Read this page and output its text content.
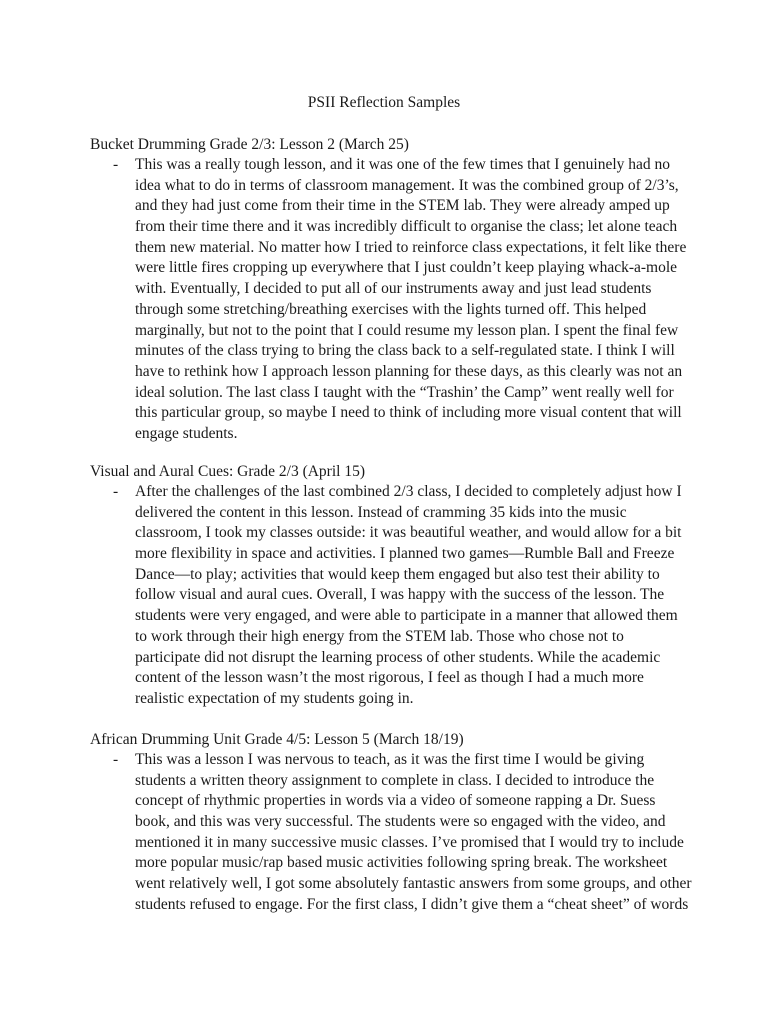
PSII Reflection Samples

Bucket Drumming Grade 2/3: Lesson 2 (March 25)

- This was a really tough lesson, and it was one of the few times that I genuinely had no
idea what to do in terms of classroom management. It was the combined group of 2/3’s,
and they had just come from their time in the STEM lab. They were already amped up
from their time there and it was incredibly difficult to organise the class; let alone teach
them new material. No matter how I tried to reinforce class expectations, it felt like there
were little fires cropping up everywhere that I just couldn’t keep playing whack-a-mole
with. Eventually, I decided to put all of our instruments away and just lead students
through some stretching/breathing exercises with the lights turned off. This helped
marginally, but not to the point that I could resume my lesson plan. I spent the final few
minutes of the class trying to bring the class back to a self-regulated state. I think I will
have to rethink how I approach lesson planning for these days, as this clearly was not an
ideal solution. The last class I taught with the “Trashin’ the Camp” went really well for
this particular group, so maybe I need to think of including more visual content that will
engage students.

Visual and Aural Cues: Grade 2/3 (April 15)

- After the challenges of the last combined 2/3 class, I decided to completely adjust how I
delivered the content in this lesson. Instead of cramming 35 kids into the music
classroom, I took my classes outside: it was beautiful weather, and would allow for a bit
more flexibility in space and activities. I planned two games—Rumble Ball and Freeze
Dance—to play; activities that would keep them engaged but also test their ability to
follow visual and aural cues. Overall, I was happy with the success of the lesson. The
students were very engaged, and were able to participate in a manner that allowed them
to work through their high energy from the STEM lab. Those who chose not to
participate did not disrupt the learning process of other students. While the academic
content of the lesson wasn’t the most rigorous, I feel as though I had a much more
realistic expectation of my students going in.

African Drumming Unit Grade 4/5: Lesson 5 (March 18/19)

- This was a lesson I was nervous to teach, as it was the first time I would be giving
students a written theory assignment to complete in class. I decided to introduce the
concept of rhythmic properties in words via a video of someone rapping a Dr. Suess
book, and this was very successful. The students were so engaged with the video, and
mentioned it in many successive music classes. I’ve promised that I would try to include
more popular music/rap based music activities following spring break. The worksheet
went relatively well, I got some absolutely fantastic answers from some groups, and other
students refused to engage. For the first class, I didn’t give them a “cheat sheet” of words
